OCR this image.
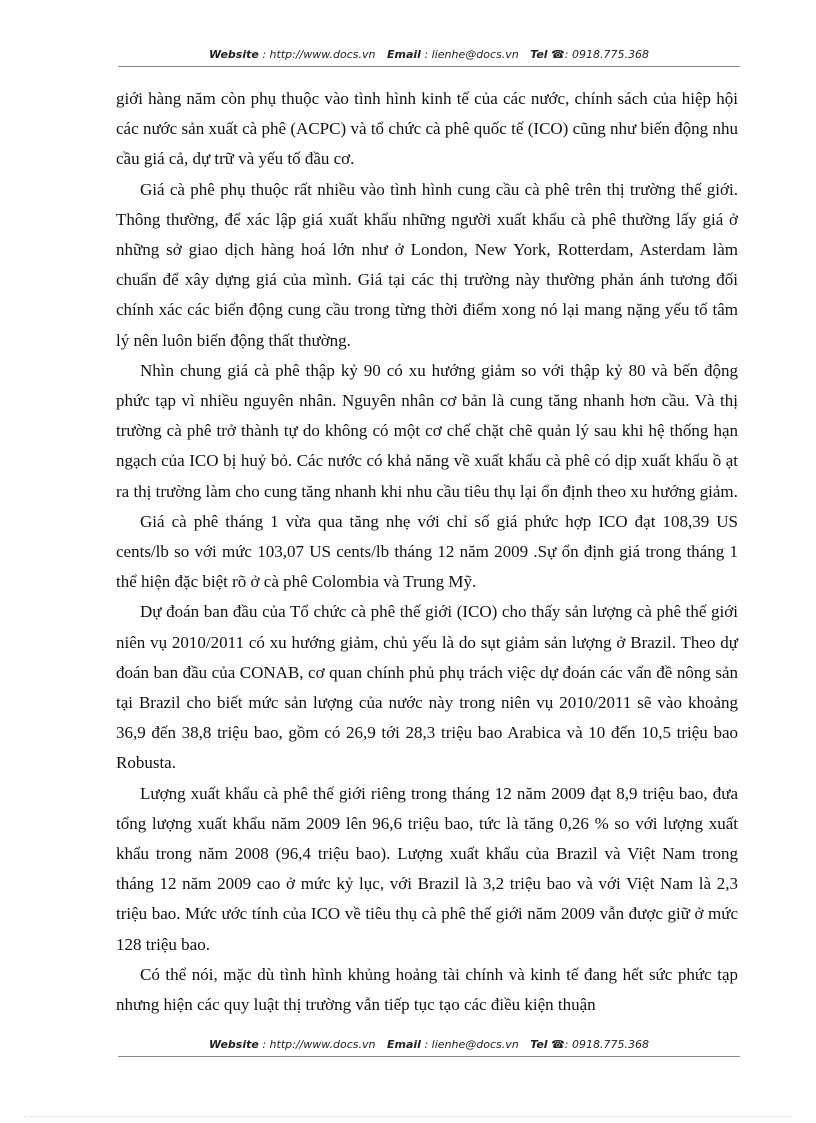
Website : http://www.docs.vn Email : lienhe@docs.vn Tel ☎: 0918.775.368

giới hàng năm còn phụ thuộc vào tình hình kinh tế của các nước, chính sách của hiệp hội các nước sản xuất cà phê (ACPC) và tổ chức cà phê quốc tế (ICO) cũng như biến động nhu cầu giá cả, dự trữ và yếu tố đầu cơ.

Giá cà phê phụ thuộc rất nhiều vào tình hình cung cầu cà phê trên thị trường thế giới. Thông thường, để xác lập giá xuất khẩu những người xuất khẩu cà phê thường lấy giá ở những sở giao dịch hàng hoá lớn như ở London, New York, Rotterdam, Asterdam làm chuẩn để xây dựng giá của mình. Giá tại các thị trường này thường phản ánh tương đối chính xác các biến động cung cầu trong từng thời điểm xong nó lại mang nặng yếu tố tâm lý nên luôn biến động thất thường.

Nhìn chung giá cà phê thập kỷ 90 có xu hướng giảm so với thập kỷ 80 và bến động phức tạp vì nhiều nguyên nhân. Nguyên nhân cơ bản là cung tăng nhanh hơn cầu. Và thị trường cà phê trở thành tự do không có một cơ chế chặt chẽ quản lý sau khi hệ thống hạn ngạch của ICO bị huỷ bỏ. Các nước có khả năng về xuất khẩu cà phê có dịp xuất khẩu ồ ạt ra thị trường làm cho cung tăng nhanh khi nhu cầu tiêu thụ lại ổn định theo xu hướng giảm.

Giá cà phê tháng 1 vừa qua tăng nhẹ với chỉ số giá phức hợp ICO đạt 108,39 US cents/lb so với mức 103,07 US cents/lb tháng 12 năm 2009 .Sự ổn định giá trong tháng 1 thể hiện đặc biệt rõ ở cà phê Colombia và Trung Mỹ.

Dự đoán ban đầu của Tổ chức cà phê thế giới (ICO) cho thấy sản lượng cà phê thế giới niên vụ 2010/2011 có xu hướng giảm, chủ yếu là do sụt giảm sản lượng ở Brazil. Theo dự đoán ban đầu của CONAB, cơ quan chính phủ phụ trách việc dự đoán các vấn đề nông sản tại Brazil cho biết mức sản lượng của nước này trong niên vụ 2010/2011 sẽ vào khoảng 36,9 đến 38,8 triệu bao, gồm có 26,9 tới 28,3 triệu bao Arabica và 10 đến 10,5 triệu bao Robusta.

Lượng xuất khẩu cà phê thế giới riêng trong tháng 12 năm 2009 đạt 8,9 triệu bao, đưa tổng lượng xuất khẩu năm 2009 lên 96,6 triệu bao, tức là tăng 0,26 % so với lượng xuất khẩu trong năm 2008 (96,4 triệu bao). Lượng xuất khẩu của Brazil và Việt Nam trong tháng 12 năm 2009 cao ở mức kỷ lục, với Brazil là 3,2 triệu bao và với Việt Nam là 2,3 triệu bao. Mức ước tính của ICO về tiêu thụ cà phê thế giới năm 2009 vẫn được giữ ở mức 128 triệu bao.

Có thể nói, mặc dù tình hình khủng hoảng tài chính và kinh tế đang hết sức phức tạp nhưng hiện các quy luật thị trường vẫn tiếp tục tạo các điều kiện thuận

Website : http://www.docs.vn Email : lienhe@docs.vn Tel ☎: 0918.775.368
